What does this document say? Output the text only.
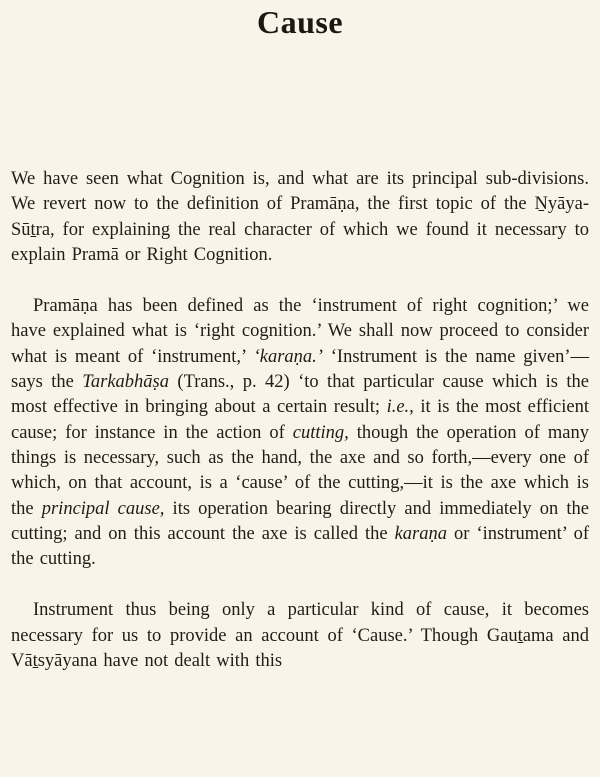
Cause

We have seen what Cognition is, and what are its principal sub-divisions. We revert now to the definition of Pramāṇa, the first topic of the Ṉyāya-Sūṯra, for explaining the real character of which we found it necessary to explain Pramā or Right Cognition.

Pramāṇa has been defined as the ‘instrument of right cognition;’ we have explained what is ‘right cognition.’ We shall now proceed to consider what is meant of ‘instrument,’ ‘karaṇa.’ ‘Instrument is the name given’—says the Tarkabhāṣa (Trans., p. 42) ‘to that particular cause which is the most effective in bringing about a certain result; i.e., it is the most efficient cause; for instance in the action of cutting, though the operation of many things is necessary, such as the hand, the axe and so forth,—every one of which, on that account, is a ‘cause’ of the cutting,—it is the axe which is the principal cause, its operation bearing directly and immediately on the cutting; and on this account the axe is called the karaṇa or ‘instrument’ of the cutting.

Instrument thus being only a particular kind of cause, it becomes necessary for us to provide an account of ‘Cause.’ Though Gauṯama and Vāṯsyāyana have not dealt with this
